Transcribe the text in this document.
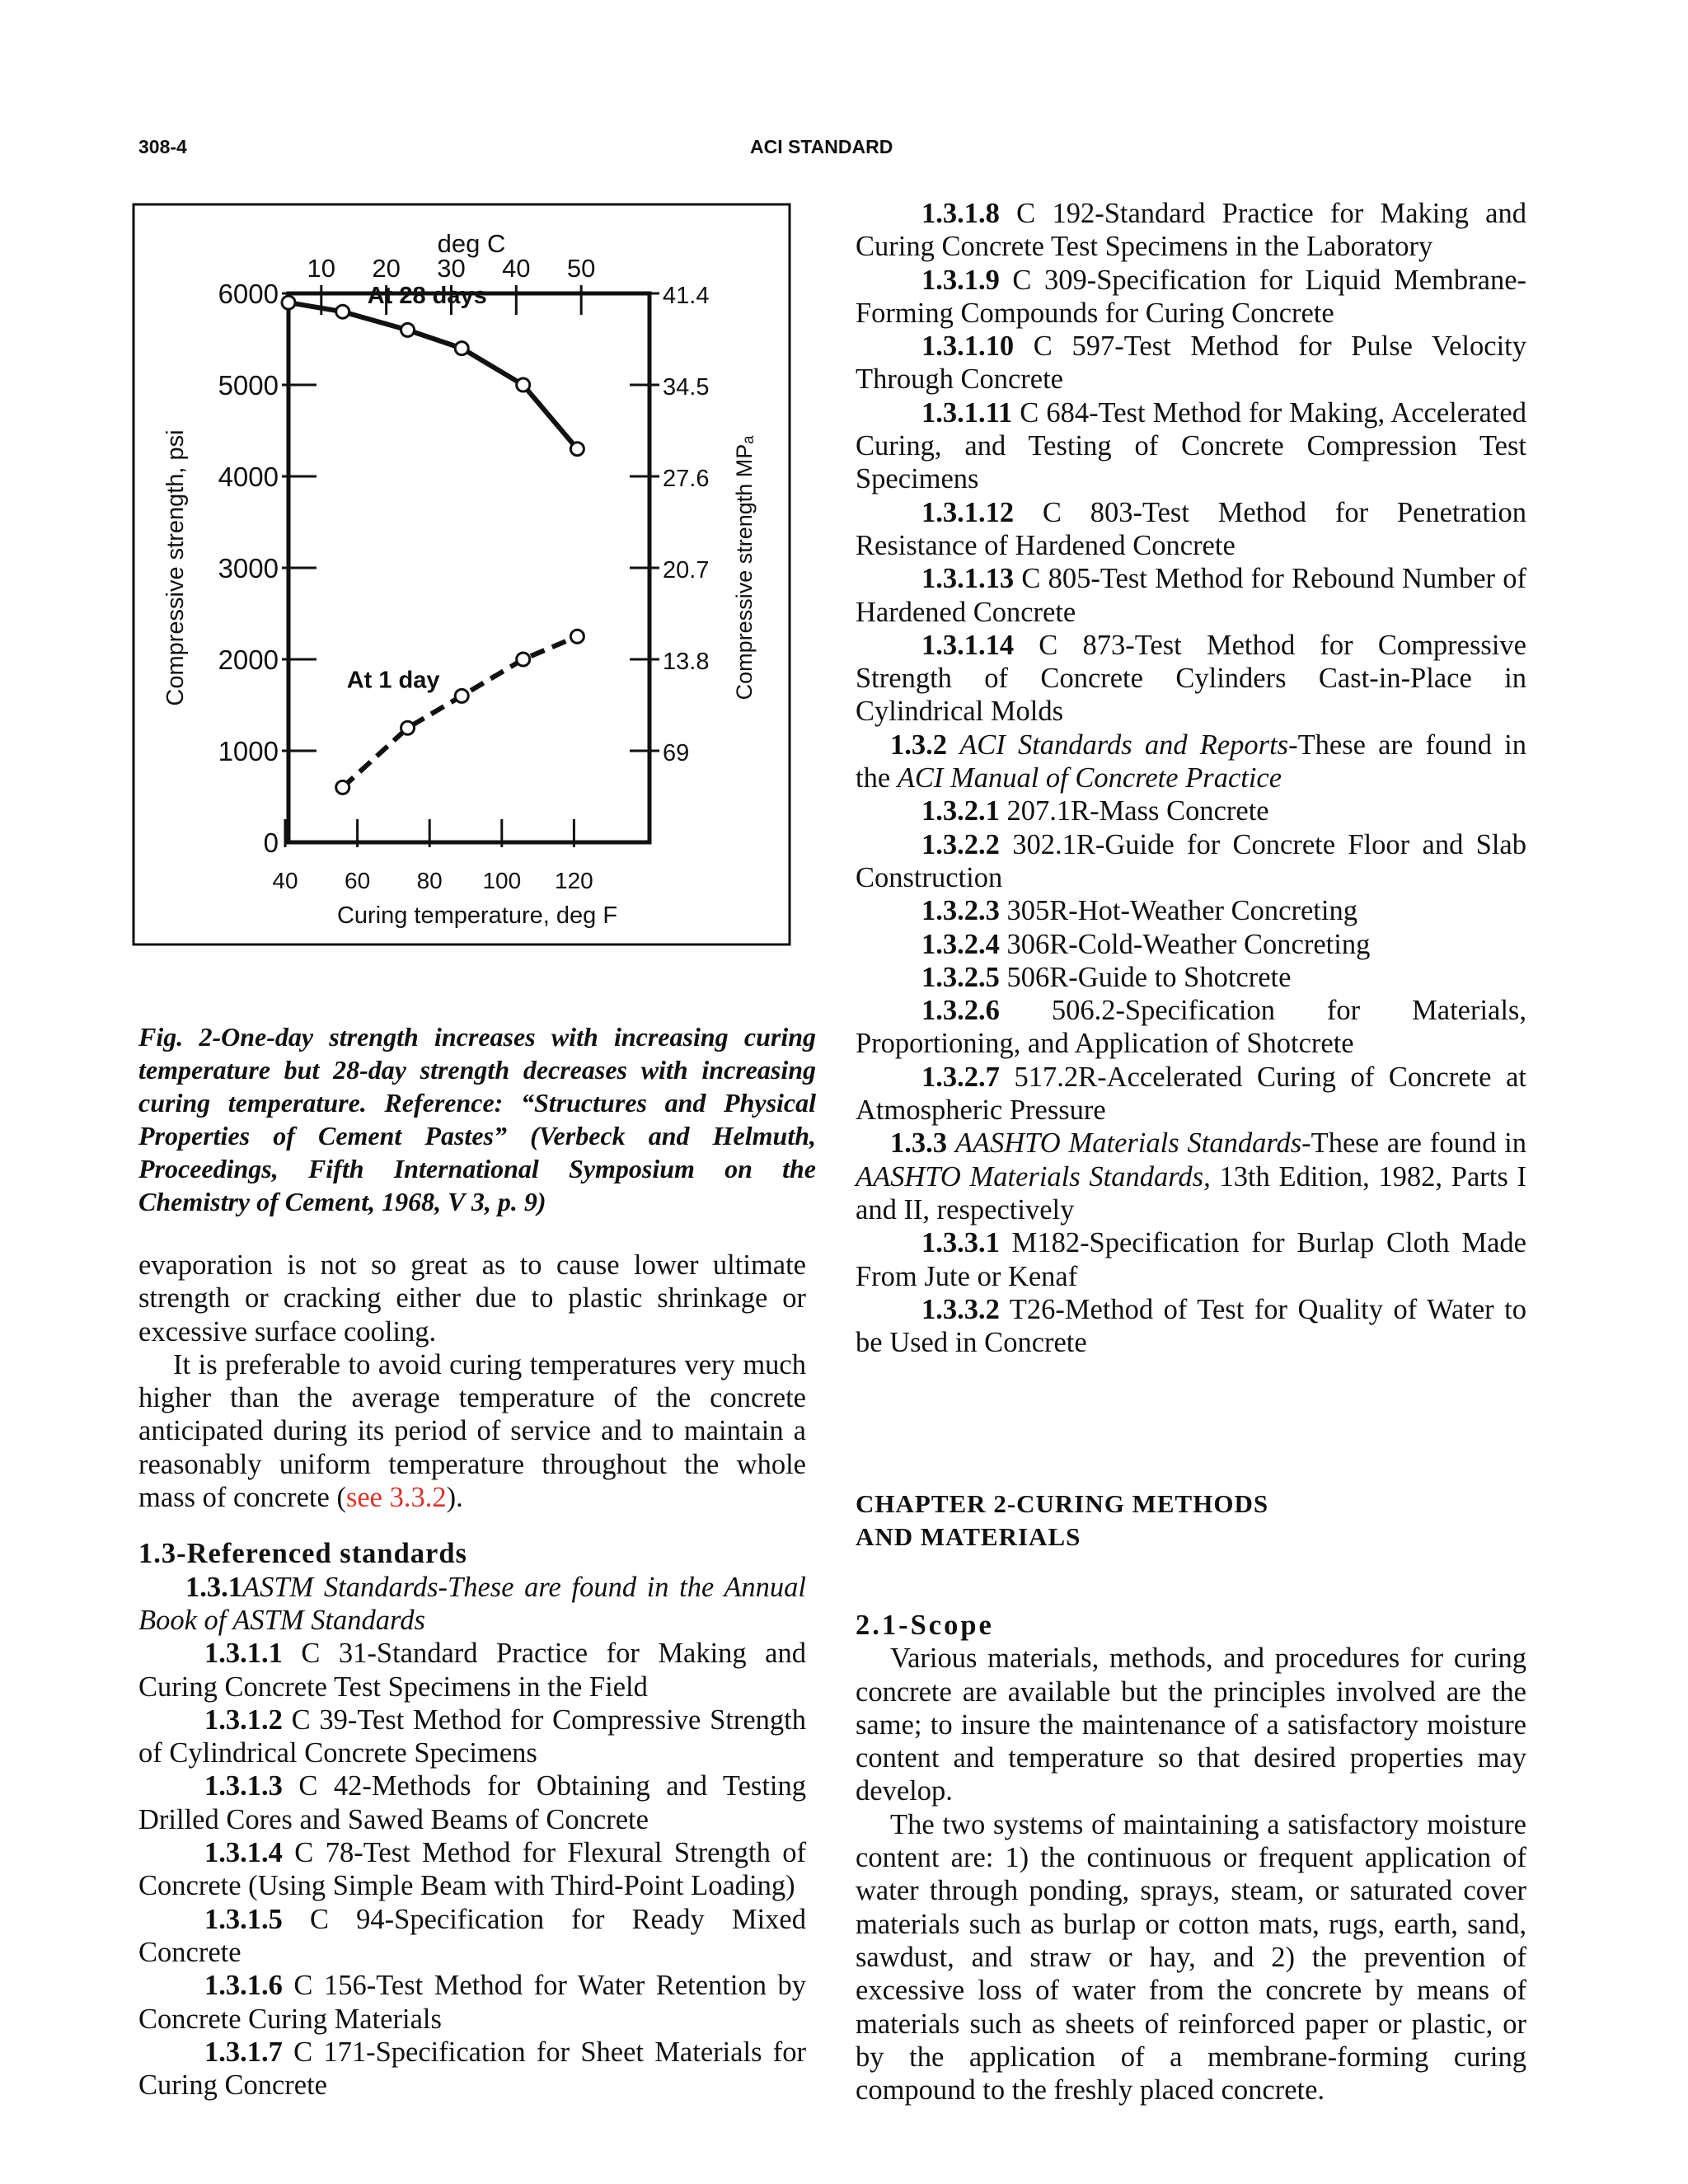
308-4	ACI STANDARD
0
1000
2000
3000
4000
5000
6000
69
13.8
20.7
27.6
34.5
41.4
40 60 80 100 120
Curing temperature, deg F
10 20 30 40 50
deg C
Compressive strength, psi	Compressive strength MPₐ
At 28 days
At 1 day

Fig. 2-One-day strength increases with increasing curing temperature but 28-day strength decreases with increasing curing temperature. Reference: “Structures and Physical Properties of Cement Pastes” (Verbeck and Helmuth, Proceedings, Fifth International Symposium on the Chemistry of Cement, 1968, V 3, p. 9)

evaporation is not so great as to cause lower ultimate strength or cracking either due to plastic shrinkage or excessive surface cooling.

It is preferable to avoid curing temperatures very much higher than the average temperature of the concrete anticipated during its period of service and to maintain a reasonably uniform temperature throughout the whole mass of concrete (see 3.3.2).

1.3-Referenced standards

1.3.1ASTM Standards-These are found in the Annual Book of ASTM Standards

1.3.1.1 C 31-Standard Practice for Making and Curing Concrete Test Specimens in the Field

1.3.1.2 C 39-Test Method for Compressive Strength of Cylindrical Concrete Specimens

1.3.1.3 C 42-Methods for Obtaining and Testing Drilled Cores and Sawed Beams of Concrete

1.3.1.4 C 78-Test Method for Flexural Strength of Concrete (Using Simple Beam with Third-Point Loading)

1.3.1.5 C 94-Specification for Ready Mixed Concrete

1.3.1.6 C 156-Test Method for Water Retention by Concrete Curing Materials

1.3.1.7 C 171-Specification for Sheet Materials for Curing Concrete

1.3.1.8 C 192-Standard Practice for Making and Curing Concrete Test Specimens in the Laboratory

1.3.1.9 C 309-Specification for Liquid Membrane-Forming Compounds for Curing Concrete

1.3.1.10 C 597-Test Method for Pulse Velocity Through Concrete

1.3.1.11 C 684-Test Method for Making, Accelerated Curing, and Testing of Concrete Compression Test Specimens

1.3.1.12 C 803-Test Method for Penetration Resistance of Hardened Concrete

1.3.1.13 C 805-Test Method for Rebound Number of Hardened Concrete

1.3.1.14 C 873-Test Method for Compressive Strength of Concrete Cylinders Cast-in-Place in Cylindrical Molds

1.3.2 ACI Standards and Reports-These are found in the ACI Manual of Concrete Practice

1.3.2.1 207.1R-Mass Concrete

1.3.2.2 302.1R-Guide for Concrete Floor and Slab Construction

1.3.2.3 305R-Hot-Weather Concreting

1.3.2.4 306R-Cold-Weather Concreting

1.3.2.5 506R-Guide to Shotcrete

1.3.2.6 506.2-Specification for Materials, Proportioning, and Application of Shotcrete

1.3.2.7 517.2R-Accelerated Curing of Concrete at Atmospheric Pressure

1.3.3 AASHTO Materials Standards-These are found in AASHTO Materials Standards, 13th Edition, 1982, Parts I and II, respectively

1.3.3.1 M182-Specification for Burlap Cloth Made From Jute or Kenaf

1.3.3.2 T26-Method of Test for Quality of Water to be Used in Concrete

CHAPTER 2-CURING METHODS

AND MATERIALS

2.1-Scope

Various materials, methods, and procedures for curing concrete are available but the principles involved are the same; to insure the maintenance of a satisfactory moisture content and temperature so that desired properties may develop.

The two systems of maintaining a satisfactory moisture content are: 1) the continuous or frequent application of water through ponding, sprays, steam, or saturated cover materials such as burlap or cotton mats, rugs, earth, sand, sawdust, and straw or hay, and 2) the prevention of excessive loss of water from the concrete by means of materials such as sheets of reinforced paper or plastic, or by the application of a membrane-forming curing compound to the freshly placed concrete.
